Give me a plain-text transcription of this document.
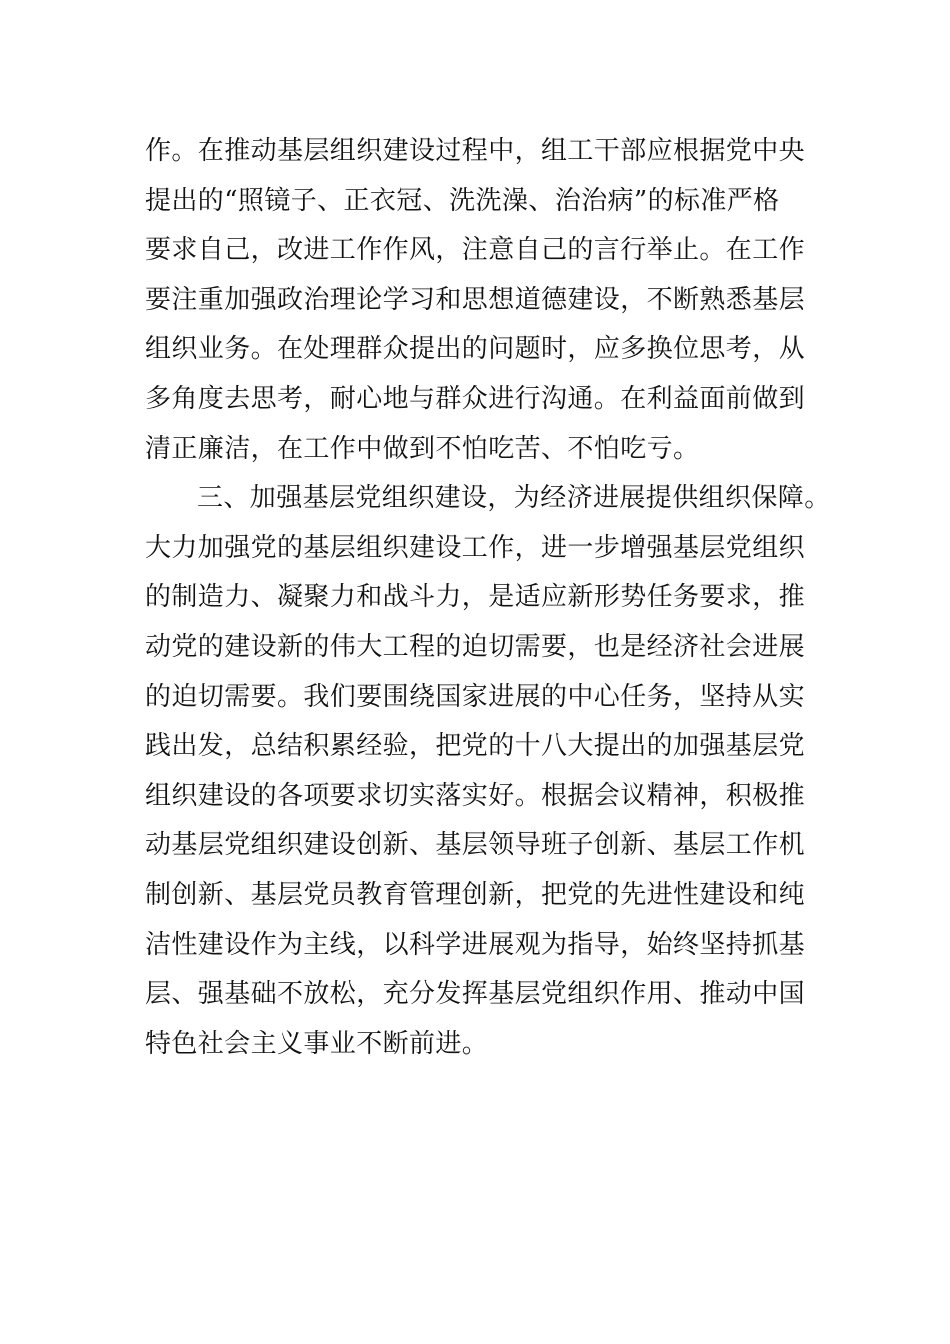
作。在推动基层组织建设过程中，组工干部应根据党中央
提出的“照镜子、正衣冠、洗洗澡、治治病”的标准严格
要求自己，改进工作作风，注意自己的言行举止。在工作
要注重加强政治理论学习和思想道德建设，不断熟悉基层
组织业务。在处理群众提出的问题时，应多换位思考，从
多角度去思考，耐心地与群众进行沟通。在利益面前做到
清正廉洁，在工作中做到不怕吃苦、不怕吃亏。
三、加强基层党组织建设，为经济进展提供组织保障。
大力加强党的基层组织建设工作，进一步增强基层党组织
的制造力、凝聚力和战斗力，是适应新形势任务要求，推
动党的建设新的伟大工程的迫切需要，也是经济社会进展
的迫切需要。我们要围绕国家进展的中心任务，坚持从实
践出发，总结积累经验，把党的十八大提出的加强基层党
组织建设的各项要求切实落实好。根据会议精神，积极推
动基层党组织建设创新、基层领导班子创新、基层工作机
制创新、基层党员教育管理创新，把党的先进性建设和纯
洁性建设作为主线，以科学进展观为指导，始终坚持抓基
层、强基础不放松，充分发挥基层党组织作用、推动中国
特色社会主义事业不断前进。
